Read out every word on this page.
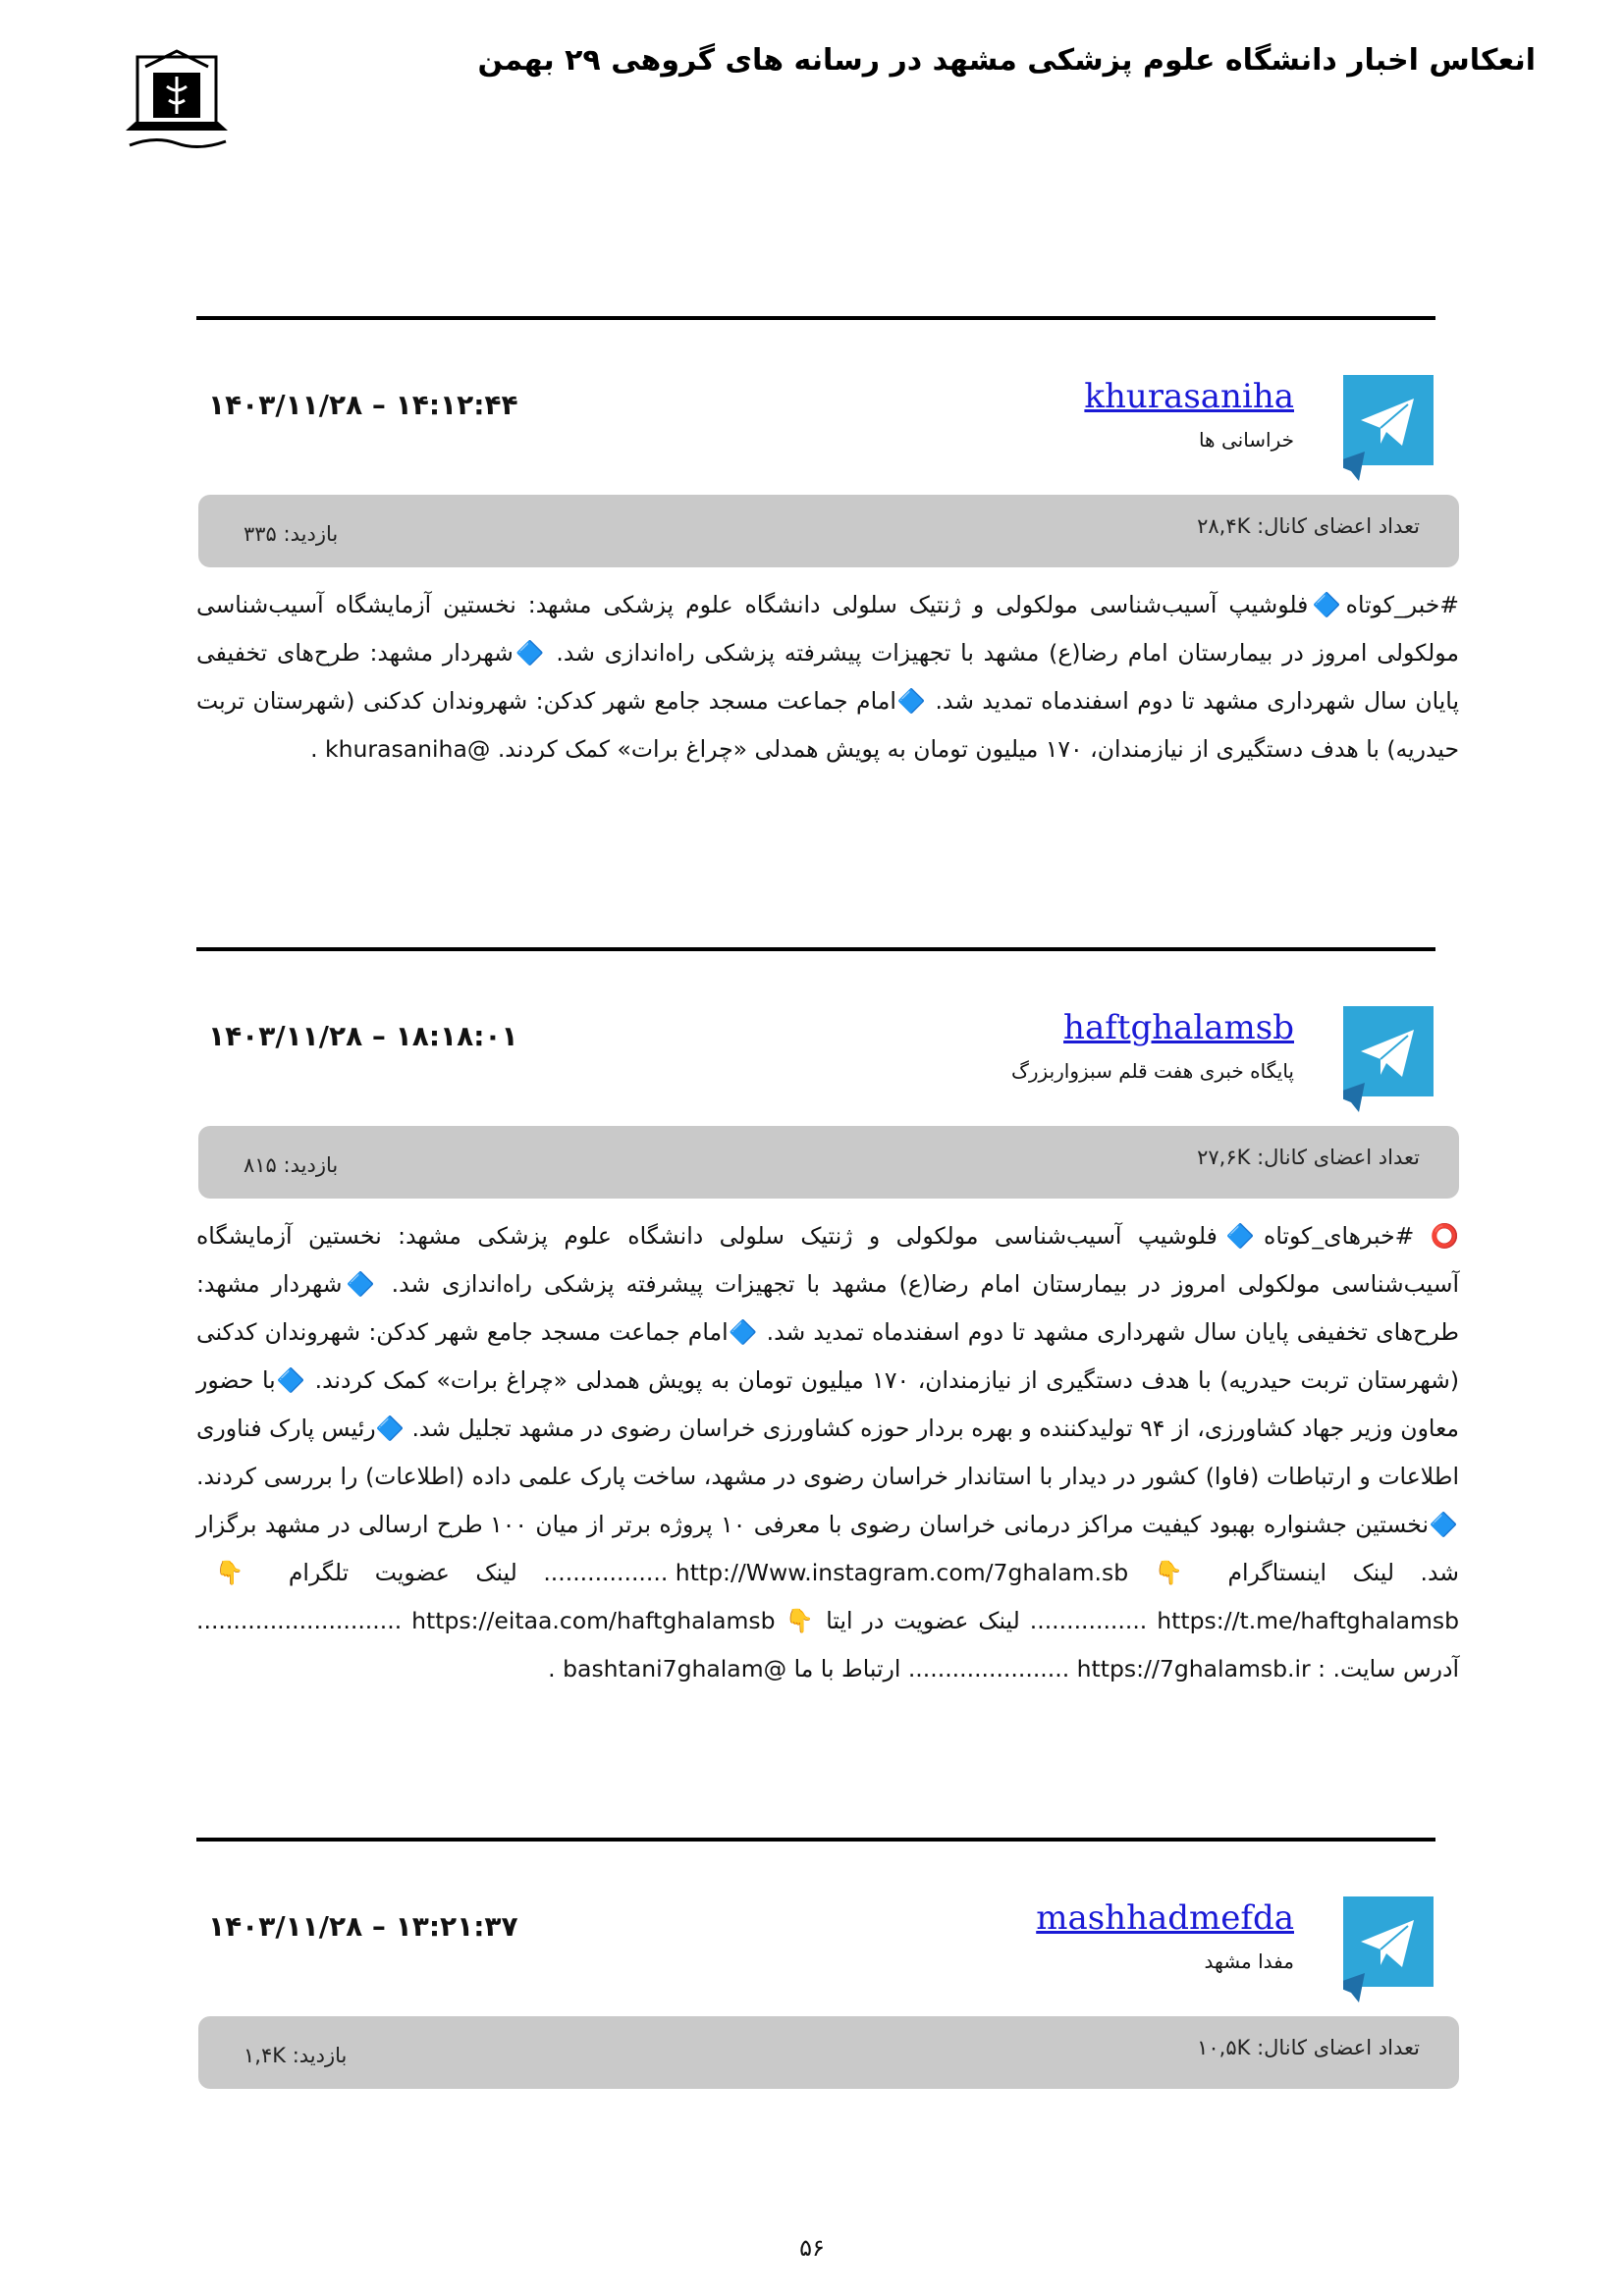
انعکاس اخبار دانشگاه علوم پزشکی مشهد در رسانه های گروهی ۲۹ بهمن
khurasaniha
خراسانی ها
۱۴۰۳/۱۱/۲۸ – ۱۴:۱۲:۴۴
تعداد اعضای کانال: ۲۸,۴K
بازدید: ۳۳۵
#خبر_کوتاه🔷فلوشیپ آسیب‌شناسی مولکولی و ژنتیک سلولی دانشگاه علوم پزشکی مشهد: نخستین آزمایشگاه آسیب‌شناسی مولکولی امروز در بیمارستان امام رضا(ع) مشهد با تجهیزات پیشرفته پزشکی راه‌اندازی شد. 🔷شهردار مشهد: طرح‌های تخفیفی پایان سال شهرداری مشهد تا دوم اسفندماه تمدید شد. 🔷امام جماعت مسجد جامع شهر کدکن: شهروندان کدکنی (شهرستان تربت حیدریه) با هدف دستگیری از نیازمندان، ۱۷۰ میلیون تومان به پویش همدلی «چراغ برات» کمک کردند. @khurasaniha .
haftghalamsb
پایگاه خبری هفت قلم سبزواربزرگ
۱۴۰۳/۱۱/۲۸ – ۱۸:۱۸:۰۱
تعداد اعضای کانال: ۲۷,۶K
بازدید: ۸۱۵
⭕ #خبرهای_کوتاه🔷فلوشیپ آسیب‌شناسی مولکولی و ژنتیک سلولی دانشگاه علوم پزشکی مشهد: نخستین آزمایشگاه آسیب‌شناسی مولکولی امروز در بیمارستان امام رضا(ع) مشهد با تجهیزات پیشرفته پزشکی راه‌اندازی شد. 🔷شهردار مشهد: طرح‌های تخفیفی پایان سال شهرداری مشهد تا دوم اسفندماه تمدید شد. 🔷امام جماعت مسجد جامع شهر کدکن: شهروندان کدکنی (شهرستان تربت حیدریه) با هدف دستگیری از نیازمندان، ۱۷۰ میلیون تومان به پویش همدلی «چراغ برات» کمک کردند. 🔷با حضور معاون وزیر جهاد کشاورزی، از ۹۴ تولیدکننده و بهره بردار حوزه کشاورزی خراسان رضوی در مشهد تجلیل شد. 🔷رئیس پارک فناوری اطلاعات و ارتباطات (فاوا) کشور در دیدار با استاندار خراسان رضوی در مشهد، ساخت پارک علمی داده (اطلاعات) را بررسی کردند. 🔷نخستین جشنواره بهبود کیفیت مراکز درمانی خراسان رضوی با معرفی ۱۰ پروژه برتر از میان ۱۰۰ طرح ارسالی در مشهد برگزار شد. لینک اینستاگرام 👇 http://Www.instagram.com/7ghalam.sb ................. لینک عضویت تلگرام 👇 https://t.me/haftghalamsb ................ لینک عضویت در ایتا 👇 https://eitaa.com/haftghalamsb ............................ آدرس سایت. : https://7ghalamsb.ir ...................... ارتباط با ما @bashtani7ghalam .
mashhadmefda
مفدا مشهد
۱۴۰۳/۱۱/۲۸ – ۱۳:۲۱:۳۷
تعداد اعضای کانال: ۱۰,۵K
بازدید: ۱,۴K
۵۶
